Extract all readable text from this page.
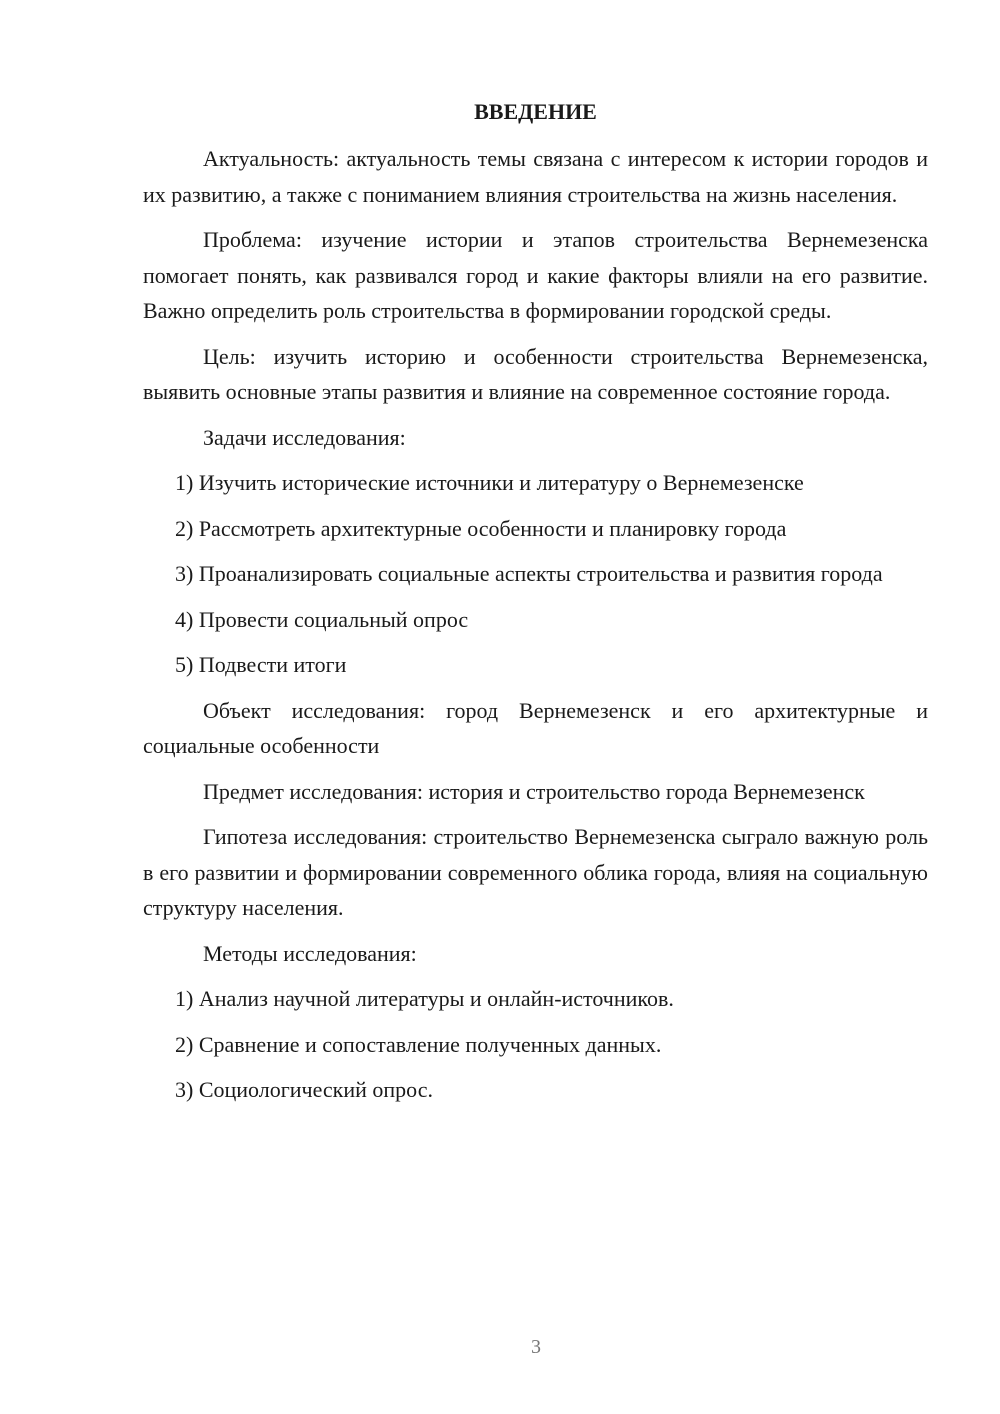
ВВЕДЕНИЕ

Актуальность: актуальность темы связана с интересом к истории городов и их развитию, а также с пониманием влияния строительства на жизнь населения.

Проблема: изучение истории и этапов строительства Вернемезенска помогает понять, как развивался город и какие факторы влияли на его развитие. Важно определить роль строительства в формировании городской среды.

Цель: изучить историю и особенности строительства Вернемезенска, выявить основные этапы развития и влияние на современное состояние города.

Задачи исследования:

1) Изучить исторические источники и литературу о Вернемезенске

2) Рассмотреть архитектурные особенности и планировку города

3) Проанализировать социальные аспекты строительства и развития города

4) Провести социальный опрос

5) Подвести итоги

Объект исследования: город Вернемезенск и его архитектурные и социальные особенности

Предмет исследования: история и строительство города Вернемезенск

Гипотеза исследования: строительство Вернемезенска сыграло важную роль в его развитии и формировании современного облика города, влияя на социальную структуру населения.

Методы исследования:

1) Анализ научной литературы и онлайн-источников.

2) Сравнение и сопоставление полученных данных.

3) Социологический опрос.

3
